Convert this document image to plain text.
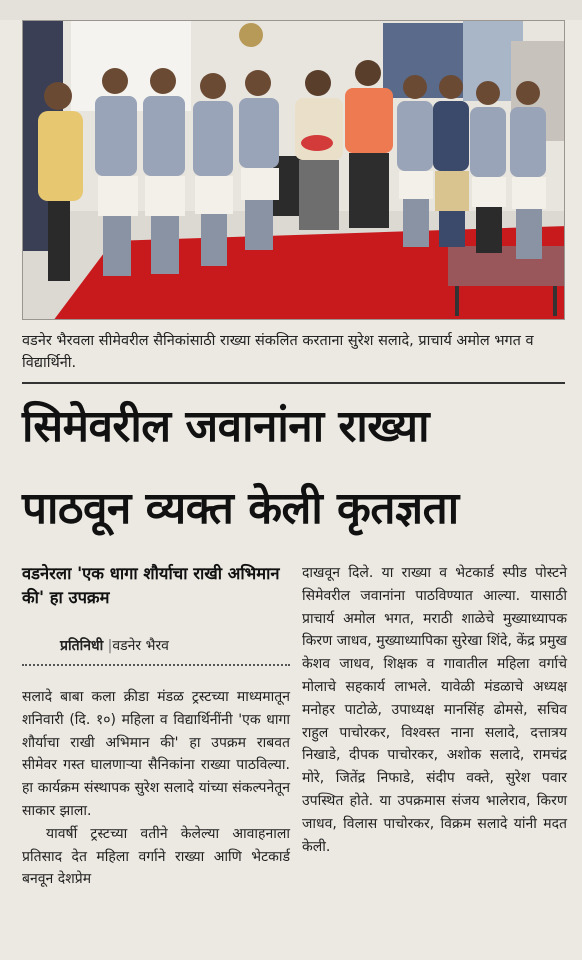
वडनेर भैरवला सीमेवरील सैनिकांसाठी राख्या संकलित करताना सुरेश सलादे, प्राचार्य अमोल भगत व विद्यार्थिनी.
सिमेवरील जवानांना राख्या
पाठवून व्यक्त केली कृतज्ञता
वडनेरला 'एक धागा शौर्याचा राखी अभिमान की' हा उपक्रम
प्रतिनिधी |वडनेर भैरव

सलादे बाबा कला क्रीडा मंडळ ट्रस्टच्या माध्यमातून शनिवारी (दि. १०) महिला व विद्यार्थिनींनी 'एक धागा शौर्याचा राखी अभिमान की' हा उपक्रम राबवत सीमेवर गस्त घालणाऱ्या सैनिकांना राख्या पाठविल्या. हा कार्यक्रम संस्थापक सुरेश सलादे यांच्या संकल्पनेतून साकार झाला.

यावर्षी ट्रस्टच्या वतीने केलेल्या आवाहनाला प्रतिसाद देत महिला वर्गाने राख्या आणि भेटकार्ड बनवून देशप्रेम

दाखवून दिले. या राख्या व भेटकार्ड स्पीड पोस्टने सिमेवरील जवानांना पाठविण्यात आल्या. यासाठी प्राचार्य अमोल भगत, मराठी शाळेचे मुख्याध्यापक किरण जाधव, मुख्याध्यापिका सुरेखा शिंदे, केंद्र प्रमुख केशव जाधव, शिक्षक व गावातील महिला वर्गाचे मोलाचे सहकार्य लाभले. यावेळी मंडळाचे अध्यक्ष मनोहर पाटोळे, उपाध्यक्ष मानसिंह ढोमसे, सचिव राहुल पाचोरकर, विश्वस्त नाना सलादे, दत्तात्रय निखाडे, दीपक पाचोरकर, अशोक सलादे, रामचंद्र मोरे, जितेंद्र निफाडे, संदीप वक्ते, सुरेश पवार उपस्थित होते. या उपक्रमास संजय भालेराव, किरण जाधव, विलास पाचोरकर, विक्रम सलादे यांनी मदत केली.
